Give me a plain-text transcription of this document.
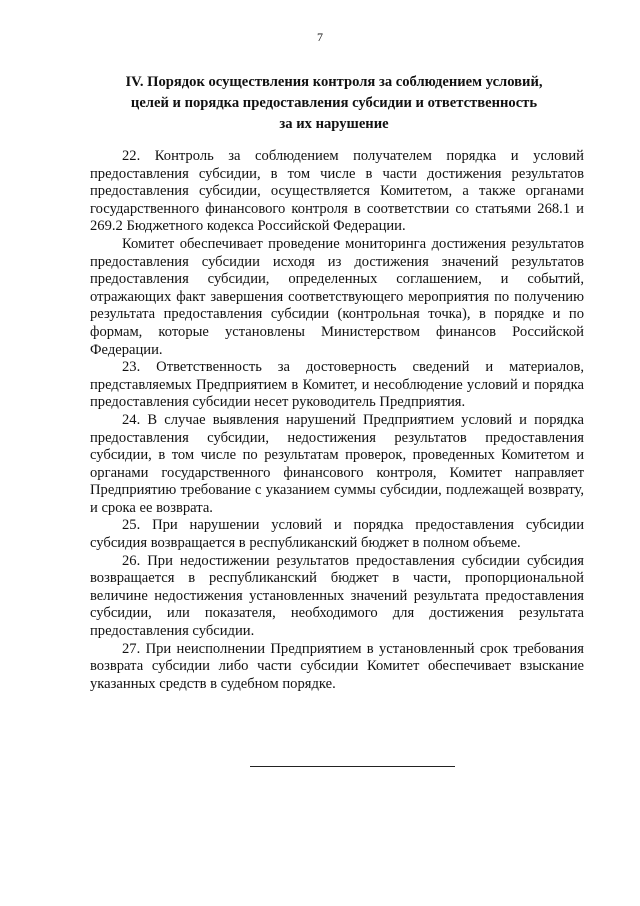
7
IV. Порядок осуществления контроля за соблюдением условий,
целей и порядка предоставления субсидии и ответственность
за их нарушение

22. Контроль за соблюдением получателем порядка и условий предоставления субсидии, в том числе в части достижения результатов предоставления субсидии, осуществляется Комитетом, а также органами государственного финансового контроля в соответствии со статьями 268.1 и 269.2 Бюджетного кодекса Российской Федерации.

Комитет обеспечивает проведение мониторинга достижения результатов предоставления субсидии исходя из достижения значений результатов предоставления субсидии, определенных соглашением, и событий, отражающих факт завершения соответствующего мероприятия по получению результата предоставления субсидии (контрольная точка), в порядке и по формам, которые установлены Министерством финансов Российской Федерации.

23. Ответственность за достоверность сведений и материалов, представляемых Предприятием в Комитет, и несоблюдение условий и порядка предоставления субсидии несет руководитель Предприятия.

24. В случае выявления нарушений Предприятием условий и порядка предоставления субсидии, недостижения результатов предоставления субсидии, в том числе по результатам проверок, проведенных Комитетом и органами государственного финансового контроля, Комитет направляет Предприятию требование с указанием суммы субсидии, подлежащей возврату, и срока ее возврата.

25. При нарушении условий и порядка предоставления субсидии субсидия возвращается в республиканский бюджет в полном объеме.

26. При недостижении результатов предоставления субсидии субсидия возвращается в республиканский бюджет в части, пропорциональной величине недостижения установленных значений результата предоставления субсидии, или показателя, необходимого для достижения результата предоставления субсидии.

27. При неисполнении Предприятием в установленный срок требования возврата субсидии либо части субсидии Комитет обеспечивает взыскание указанных средств в судебном порядке.
